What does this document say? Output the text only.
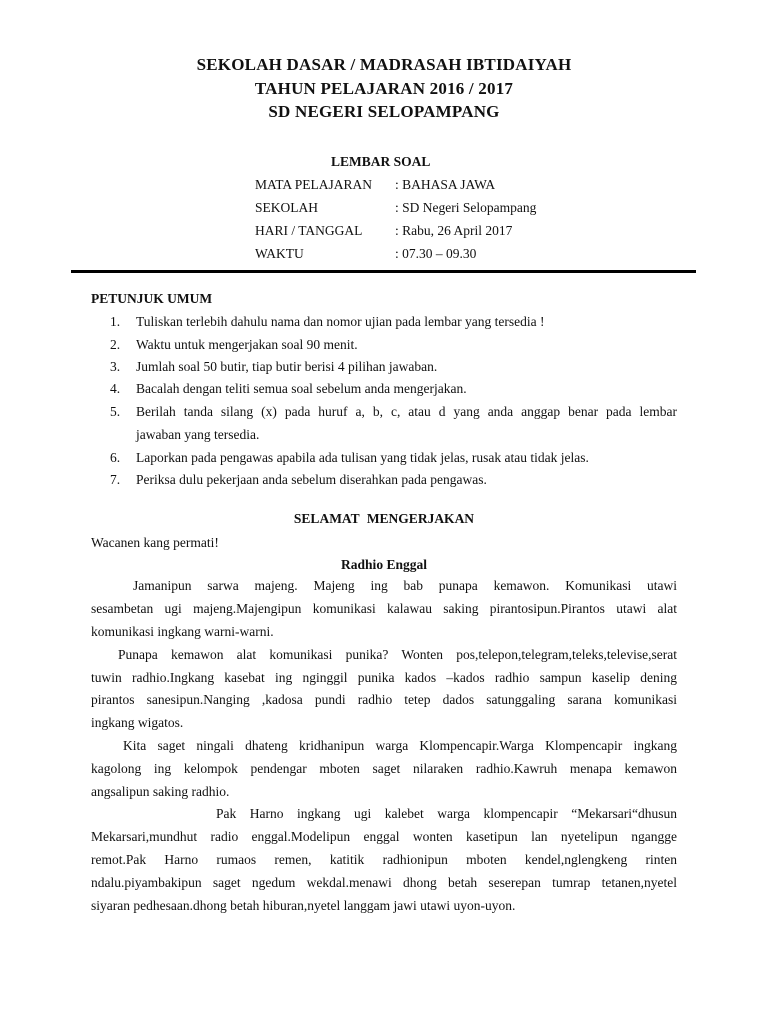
SEKOLAH DASAR / MADRASAH IBTIDAIYAH
TAHUN PELAJARAN 2016 / 2017
SD NEGERI SELOPAMPANG
LEMBAR SOAL
MATA PELAJARAN : BAHASA JAWA
SEKOLAH	: SD Negeri Selopampang
HARI / TANGGAL : Rabu, 26 April 2017
WAKTU	: 07.30 – 09.30
PETUNJUK UMUM
1.	Tuliskan terlebih dahulu nama dan nomor ujian pada lembar yang tersedia !
2.	Waktu untuk mengerjakan soal 90 menit.
3.	Jumlah soal 50 butir, tiap butir berisi 4 pilihan jawaban.
4.	Bacalah dengan teliti semua soal sebelum anda mengerjakan.
5.	Berilah tanda silang (x) pada huruf a, b, c, atau d yang anda anggap benar pada lembar
jawaban yang tersedia.
6.	Laporkan pada pengawas apabila ada tulisan yang tidak jelas, rusak atau tidak jelas.
7.	Periksa dulu pekerjaan anda sebelum diserahkan pada pengawas.
SELAMAT MENGERJAKAN
Wacanen kang permati!
Radhio Enggal
Jamanipun sarwa majeng. Majeng ing bab punapa kemawon. Komunikasi utawi
sesambetan ugi majeng.Majengipun komunikasi kalawau saking pirantosipun.Pirantos utawi alat
komunikasi ingkang warni-warni.
Punapa kemawon alat komunikasi punika? Wonten pos,telepon,telegram,teleks,televise,serat
tuwin radhio.Ingkang kasebat ing nginggil punika kados –kados radhio sampun kaselip dening
pirantos sanesipun.Nanging ,kadosa pundi radhio tetep dados satunggaling sarana komunikasi
ingkang wigatos.
Kita saget ningali dhateng kridhanipun warga Klompencapir.Warga Klompencapir ingkang
kagolong ing kelompok pendengar mboten saget nilaraken radhio.Kawruh menapa kemawon
angsalipun saking radhio.
Pak Harno ingkang ugi kalebet warga klompencapir “Mekarsari“dhusun
Mekarsari,mundhut radio enggal.Modelipun enggal wonten kasetipun lan nyetelipun ngangge
remot.Pak Harno rumaos remen, katitik radhionipun mboten kendel,nglengkeng rinten
ndalu.piyambakipun saget ngedum wekdal.menawi dhong betah seserepan tumrap tetanen,nyetel
siyaran pedhesaan.dhong betah hiburan,nyetel langgam jawi utawi uyon-uyon.
